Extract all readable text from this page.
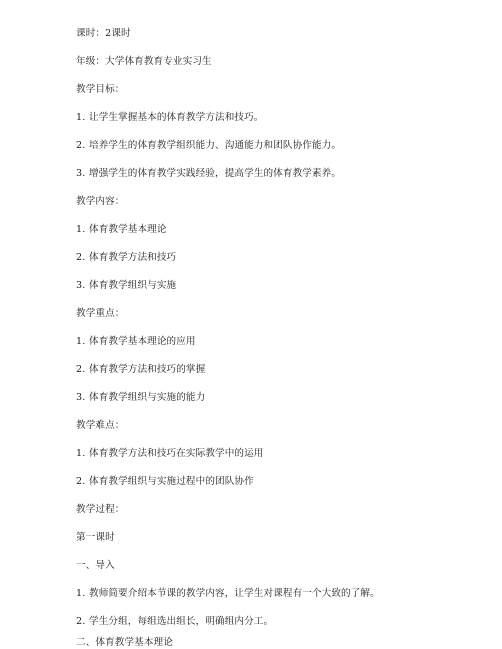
课时：2课时
年级：大学体育教育专业实习生
教学目标：
1. 让学生掌握基本的体育教学方法和技巧。
2. 培养学生的体育教学组织能力、沟通能力和团队协作能力。
3. 增强学生的体育教学实践经验，提高学生的体育教学素养。
教学内容：
1. 体育教学基本理论
2. 体育教学方法和技巧
3. 体育教学组织与实施
教学重点：
1. 体育教学基本理论的应用
2. 体育教学方法和技巧的掌握
3. 体育教学组织与实施的能力
教学难点：
1. 体育教学方法和技巧在实际教学中的运用
2. 体育教学组织与实施过程中的团队协作
教学过程：
第一课时
一、导入
1. 教师简要介绍本节课的教学内容，让学生对课程有一个大致的了解。
2. 学生分组，每组选出组长，明确组内分工。
二、体育教学基本理论
